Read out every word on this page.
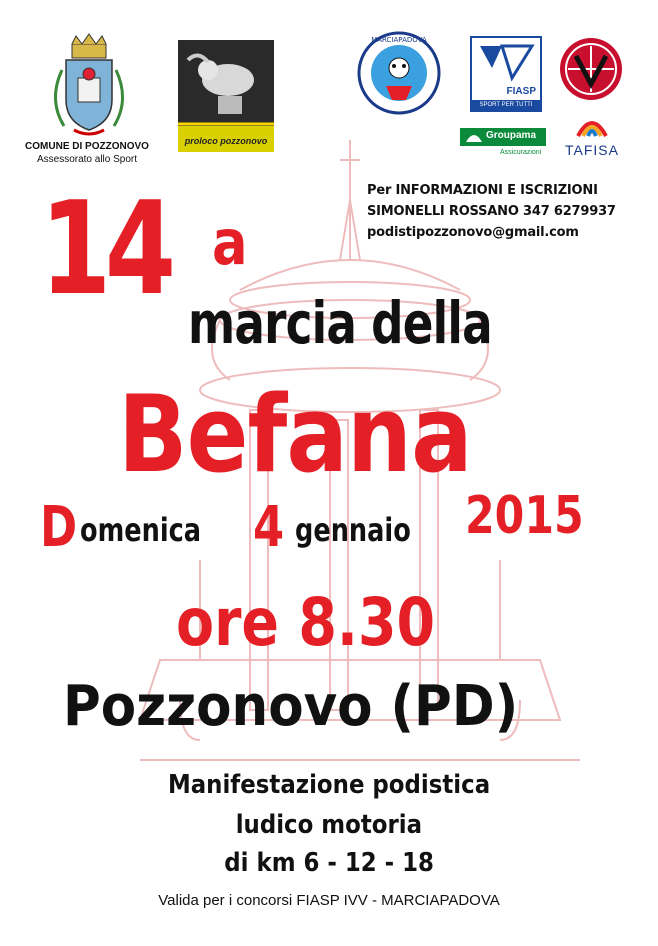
COMUNE DI POZZONOVO
Assessorato allo Sport
proloco pozzonovo
MARCIAPADOVA
FIASP
SPORT PER TUTTI
Groupama
Assicurazioni	TAFISA
Per INFORMAZIONI E ISCRIZIONI
SIMONELLI ROSSANO 347 6279937
podistipozzonovo@gmail.com
14 a
marcia della
Befana
D omenica 4 gennaio 2015
ore 8.30
Pozzonovo (PD)
Manifestazione podistica
ludico motoria
di km 6 - 12 - 18
Valida per i concorsi FIASP IVV - MARCIAPADOVA
